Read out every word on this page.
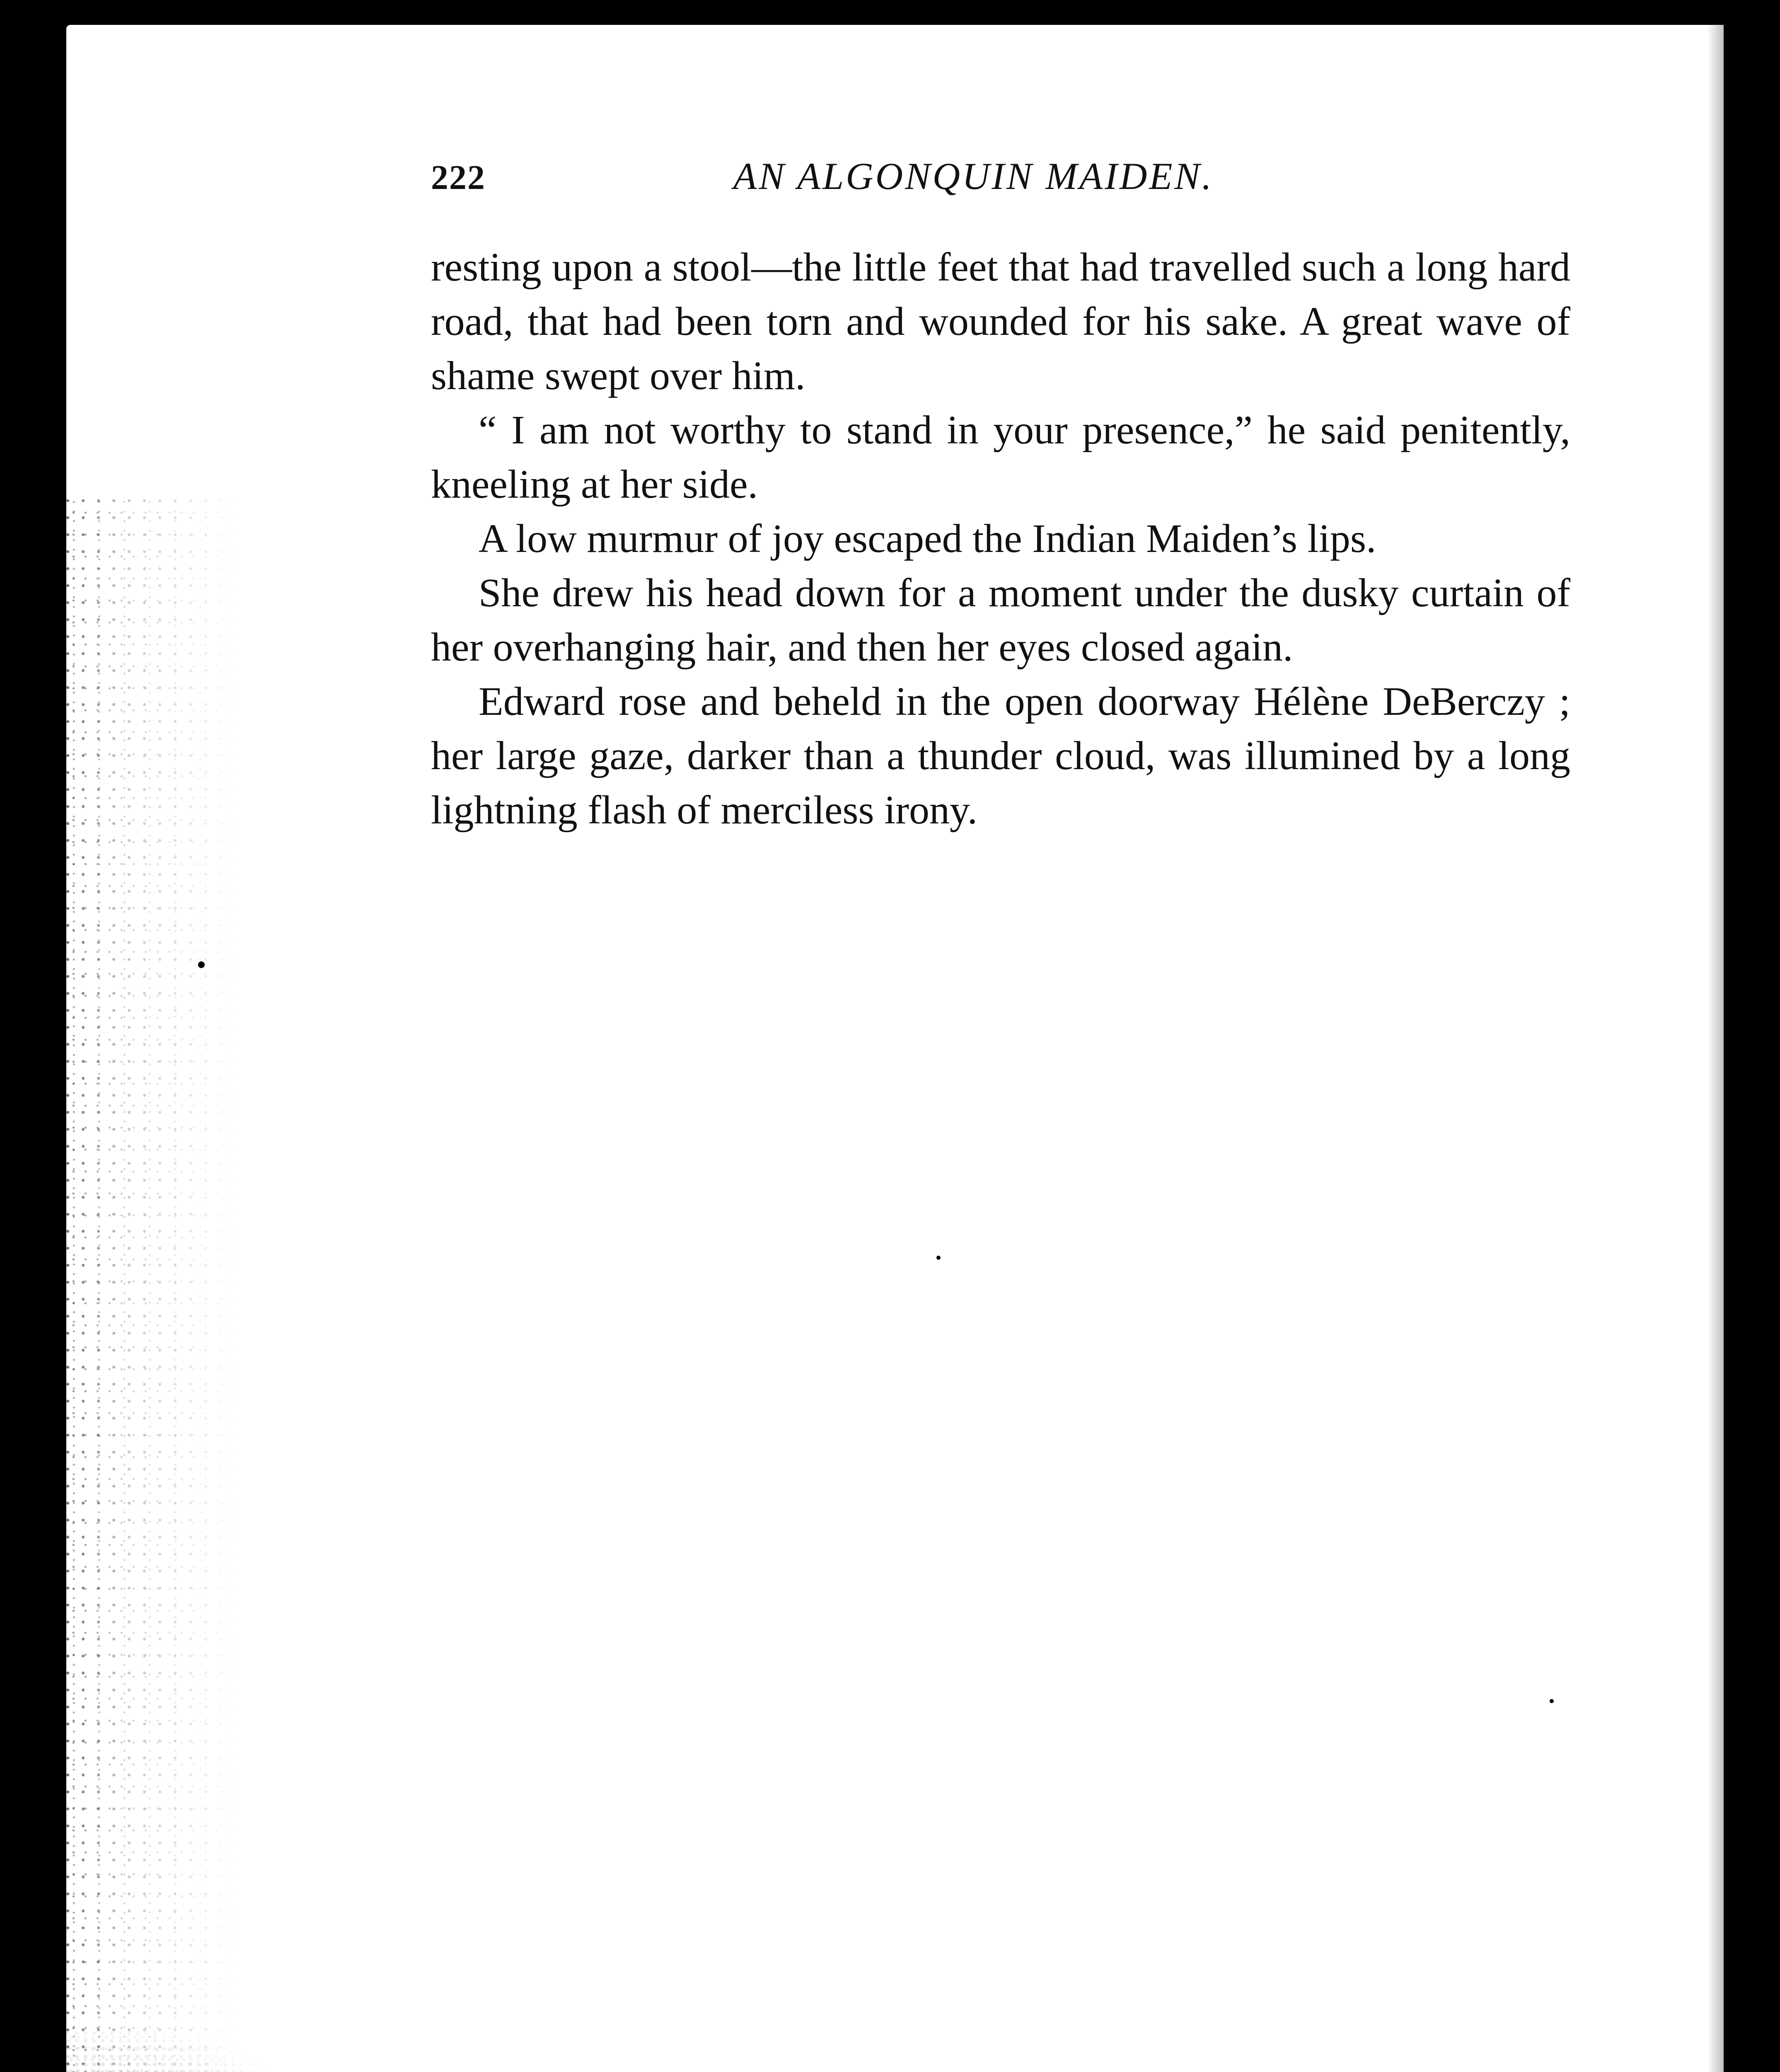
222	AN ALGONQUIN MAIDEN.

resting upon a stool—the little feet that had travelled such a long hard road, that had been torn and wounded for his sake. A great wave of shame swept over him.

“ I am not worthy to stand in your presence,” he said penitently, kneeling at her side.

A low murmur of joy escaped the Indian Maiden’s lips.

She drew his head down for a moment under the dusky curtain of her overhanging hair, and then her eyes closed again.

Edward rose and beheld in the open doorway Hélène DeBerczy ; her large gaze, darker than a thunder cloud, was illumined by a long lightning flash of merciless irony.
